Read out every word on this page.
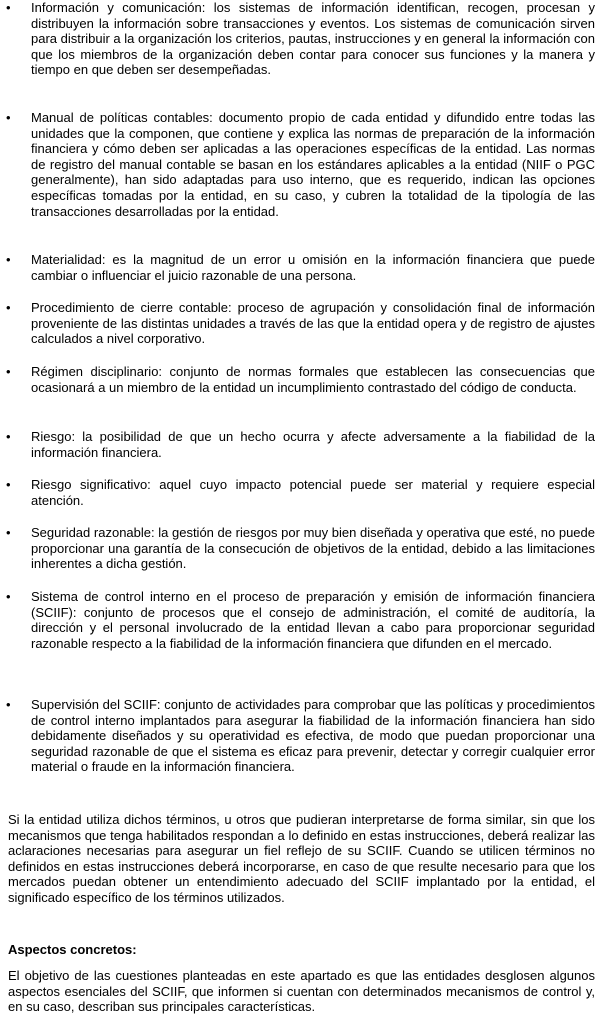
•
Información y comunicación: los sistemas de información identifican, recogen, procesan y distribuyen la información sobre transacciones y eventos. Los sistemas de comunicación sirven para distribuir a la organización los criterios, pautas, instrucciones y en general la información con que los miembros de la organización deben contar para conocer sus funciones y la manera y tiempo en que deben ser desempeñadas.
•
Manual de políticas contables: documento propio de cada entidad y difundido entre todas las unidades que la componen, que contiene y explica las normas de preparación de la información financiera y cómo deben ser aplicadas a las operaciones específicas de la entidad. Las normas de registro del manual contable se basan en los estándares aplicables a la entidad (NIIF o PGC generalmente), han sido adaptadas para uso interno, que es requerido, indican las opciones específicas tomadas por la entidad, en su caso, y cubren la totalidad de la tipología de las transacciones desarrolladas por la entidad.
•
Materialidad: es la magnitud de un error u omisión en la información financiera que puede cambiar o influenciar el juicio razonable de una persona.
•
Procedimiento de cierre contable: proceso de agrupación y consolidación final de información proveniente de las distintas unidades a través de las que la entidad opera y de registro de ajustes calculados a nivel corporativo.
•
Régimen disciplinario: conjunto de normas formales que establecen las consecuencias que ocasionará a un miembro de la entidad un incumplimiento contrastado del código de conducta.
•
Riesgo: la posibilidad de que un hecho ocurra y afecte adversamente a la fiabilidad de la información financiera.
•
Riesgo significativo: aquel cuyo impacto potencial puede ser material y requiere especial atención.
•
Seguridad razonable: la gestión de riesgos por muy bien diseñada y operativa que esté, no puede proporcionar una garantía de la consecución de objetivos de la entidad, debido a las limitaciones inherentes a dicha gestión.
•
Sistema de control interno en el proceso de preparación y emisión de información financiera (SCIIF): conjunto de procesos que el consejo de administración, el comité de auditoría, la dirección y el personal involucrado de la entidad llevan a cabo para proporcionar seguridad razonable respecto a la fiabilidad de la información financiera que difunden en el mercado.
•
Supervisión del SCIIF: conjunto de actividades para comprobar que las políticas y procedimientos de control interno implantados para asegurar la fiabilidad de la información financiera han sido debidamente diseñados y su operatividad es efectiva, de modo que puedan proporcionar una seguridad razonable de que el sistema es eficaz para prevenir, detectar y corregir cualquier error material o fraude en la información financiera.
Si la entidad utiliza dichos términos, u otros que pudieran interpretarse de forma similar, sin que los mecanismos que tenga habilitados respondan a lo definido en estas instrucciones, deberá realizar las aclaraciones necesarias para asegurar un fiel reflejo de su SCIIF. Cuando se utilicen términos no definidos en estas instrucciones deberá incorporarse, en caso de que resulte necesario para que los mercados puedan obtener un entendimiento adecuado del SCIIF implantado por la entidad, el significado específico de los términos utilizados.
Aspectos concretos:
El objetivo de las cuestiones planteadas en este apartado es que las entidades desglosen algunos aspectos esenciales del SCIIF, que informen si cuentan con determinados mecanismos de control y, en su caso, describan sus principales características.
